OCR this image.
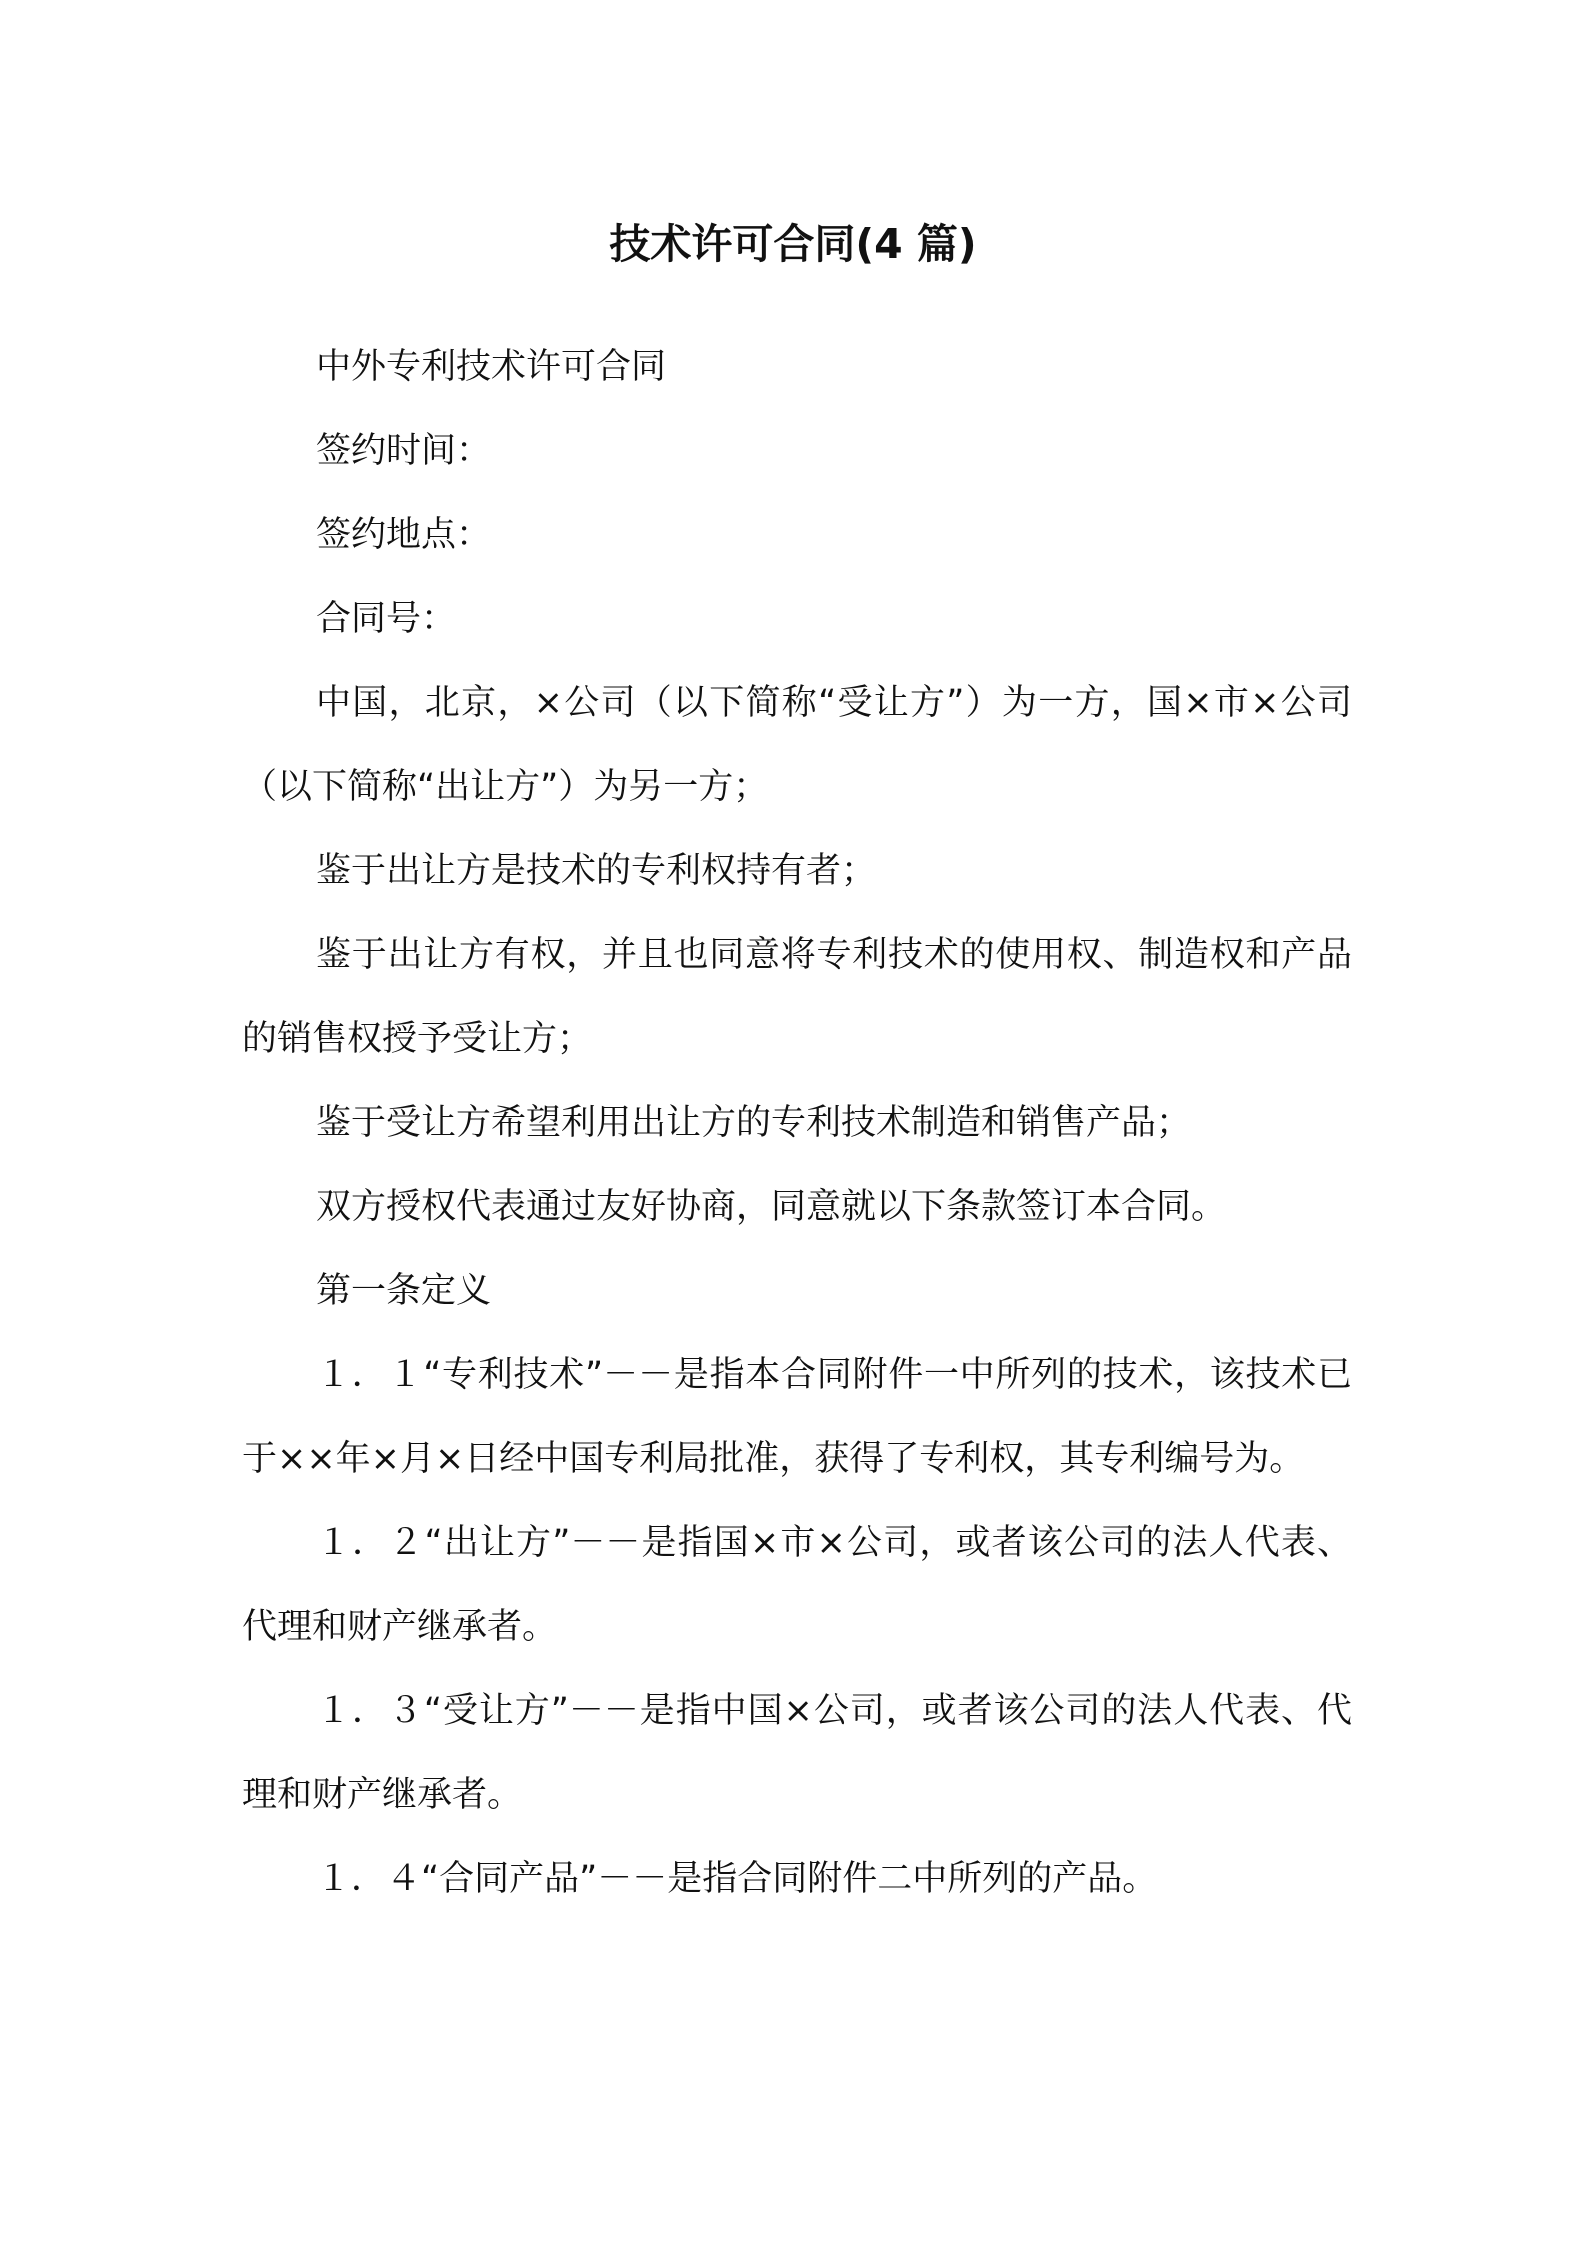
技术许可合同(4 篇)

中外专利技术许可合同

签约时间：

签约地点：

合同号：

中国，北京，×公司（以下简称“受让方”）为一方，国×市×公司（以下简称“出让方”）为另一方；

鉴于出让方是技术的专利权持有者；

鉴于出让方有权，并且也同意将专利技术的使用权、制造权和产品的销售权授予受让方；

鉴于受让方希望利用出让方的专利技术制造和销售产品；

双方授权代表通过友好协商，同意就以下条款签订本合同。

第一条定义

１．１“专利技术”－－是指本合同附件一中所列的技术，该技术已于××年×月×日经中国专利局批准，获得了专利权，其专利编号为。

１．２“出让方”－－是指国×市×公司，或者该公司的法人代表、代理和财产继承者。

１．３“受让方”－－是指中国×公司，或者该公司的法人代表、代理和财产继承者。

１．４“合同产品”－－是指合同附件二中所列的产品。
